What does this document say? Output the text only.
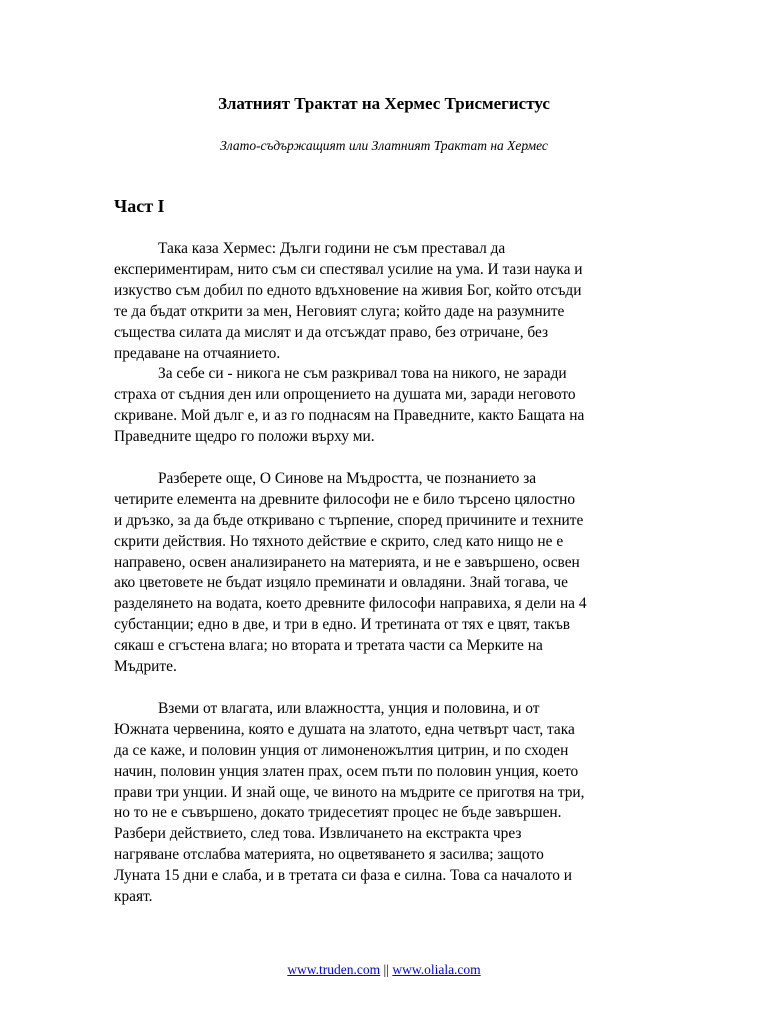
Златният Трактат на Хермес Трисмегистус
Злато-съдържащият или Златният Трактат на Хермес
Част I

Така каза Хермес: Дълги години не съм преставал да
експериментирам, нито съм си спестявал усилие на ума. И тази наука и
изкуство съм добил по едното вдъхновение на живия Бог, който отсъди
те да бъдат открити за мен, Неговият слуга; който даде на разумните
същества силата да мислят и да отсъждат право, без отричане, без
предаване на отчаянието.

За себе си - никога не съм разкривал това на никого, не заради
страха от съдния ден или опрощението на душата ми, заради неговото
скриване. Мой дълг е, и аз го поднасям на Праведните, както Бащата на
Праведните щедро го положи върху ми.

Разберете още, О Синове на Мъдростта, че познанието за
четирите елемента на древните философи не е било търсено цялостно
и дръзко, за да бъде откривано с търпение, според причините и техните
скрити действия. Но тяхното действие е скрито, след като нищо не е
направено, освен анализирането на материята, и не е завършено, освен
ако цветовете не бъдат изцяло преминати и овладяни. Знай тогава, че
разделянето на водата, което древните философи направиха, я дели на 4
субстанции; едно в две, и три в едно. И третината от тях е цвят, такъв
сякаш е сгъстена влага; но втората и третата части са Мерките на
Мъдрите.

Вземи от влагата, или влажността, унция и половина, и от
Южната червенина, която е душата на златото, една четвърт част, така
да се каже, и половин унция от лимоненожълтия цитрин, и по сходен
начин, половин унция златен прах, осем пъти по половин унция, което
прави три унции. И знай още, че виното на мъдрите се приготвя на три,
но то не е съвършено, докато тридесетият процес не бъде завършен.
Разбери действието, след това. Извличането на екстракта чрез
нагряване отслабва материята, но оцветяването я засилва; защото
Луната 15 дни е слаба, и в третата си фаза е силна. Това са началото и
краят.

www.truden.com || www.oliala.com
